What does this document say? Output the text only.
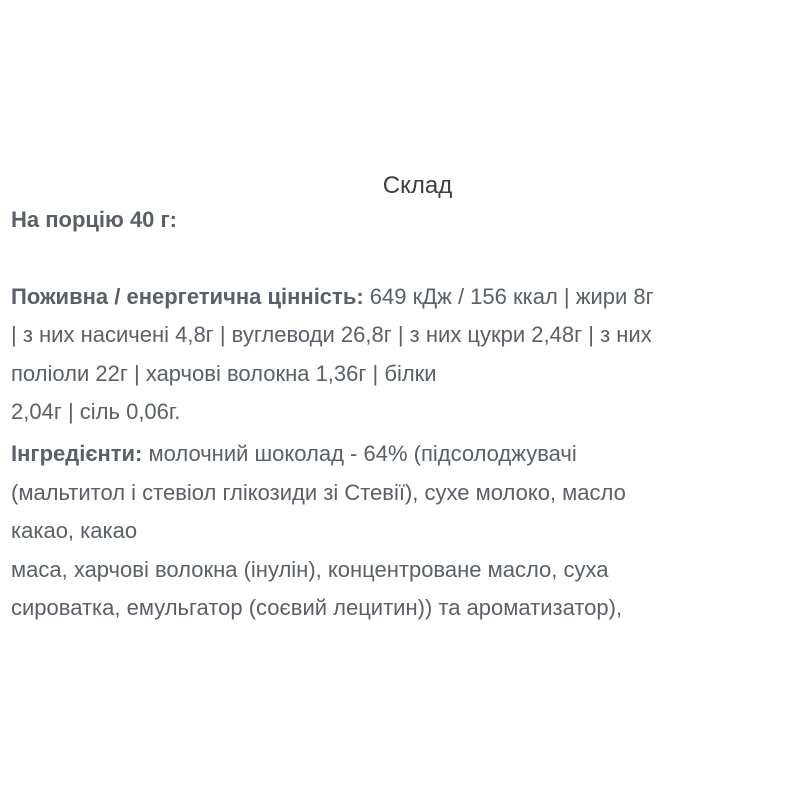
Склад
На порцію 40 г:
Поживна / енергетична цінність: 649 кДж / 156 ккал | жири 8г
| з них насичені 4,8г | вуглеводи 26,8г | з них цукри 2,48г | з них
поліоли 22г | харчові волокна 1,36г | білки
2,04г | сіль 0,06г.
Інгредієнти: молочний шоколад - 64% (підсолоджувачі
(мальтитол і стевіол глікозиди зі Стевії), сухе молоко, масло
какао, какао
маса, харчові волокна (інулін), концентроване масло, суха
сироватка, емульгатор (соєвий лецитин)) та ароматизатор),
